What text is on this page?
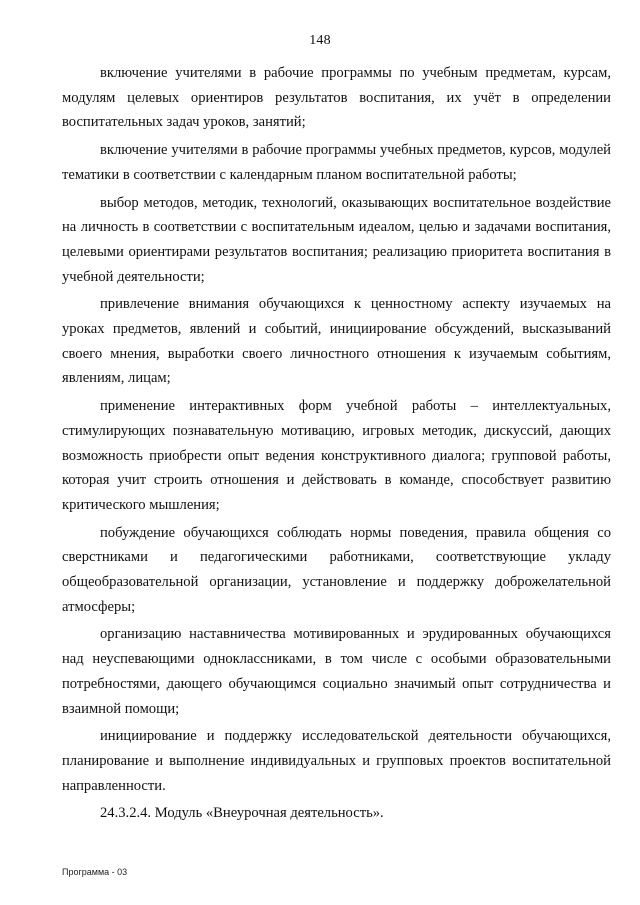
148

включение учителями в рабочие программы по учебным предметам, курсам, модулям целевых ориентиров результатов воспитания, их учёт в определении воспитательных задач уроков, занятий;

включение учителями в рабочие программы учебных предметов, курсов, модулей тематики в соответствии с календарным планом воспитательной работы;

выбор методов, методик, технологий, оказывающих воспитательное воздействие на личность в соответствии с воспитательным идеалом, целью и задачами воспитания, целевыми ориентирами результатов воспитания; реализацию приоритета воспитания в учебной деятельности;

привлечение внимания обучающихся к ценностному аспекту изучаемых на уроках предметов, явлений и событий, инициирование обсуждений, высказываний своего мнения, выработки своего личностного отношения к изучаемым событиям, явлениям, лицам;

применение интерактивных форм учебной работы – интеллектуальных, стимулирующих познавательную мотивацию, игровых методик, дискуссий, дающих возможность приобрести опыт ведения конструктивного диалога; групповой работы, которая учит строить отношения и действовать в команде, способствует развитию критического мышления;

побуждение обучающихся соблюдать нормы поведения, правила общения со сверстниками и педагогическими работниками, соответствующие укладу общеобразовательной организации, установление и поддержку доброжелательной атмосферы;

организацию наставничества мотивированных и эрудированных обучающихся над неуспевающими одноклассниками, в том числе с особыми образовательными потребностями, дающего обучающимся социально значимый опыт сотрудничества и взаимной помощи;

инициирование и поддержку исследовательской деятельности обучающихся, планирование и выполнение индивидуальных и групповых проектов воспитательной направленности.

24.3.2.4. Модуль «Внеурочная деятельность».

Программа - 03
